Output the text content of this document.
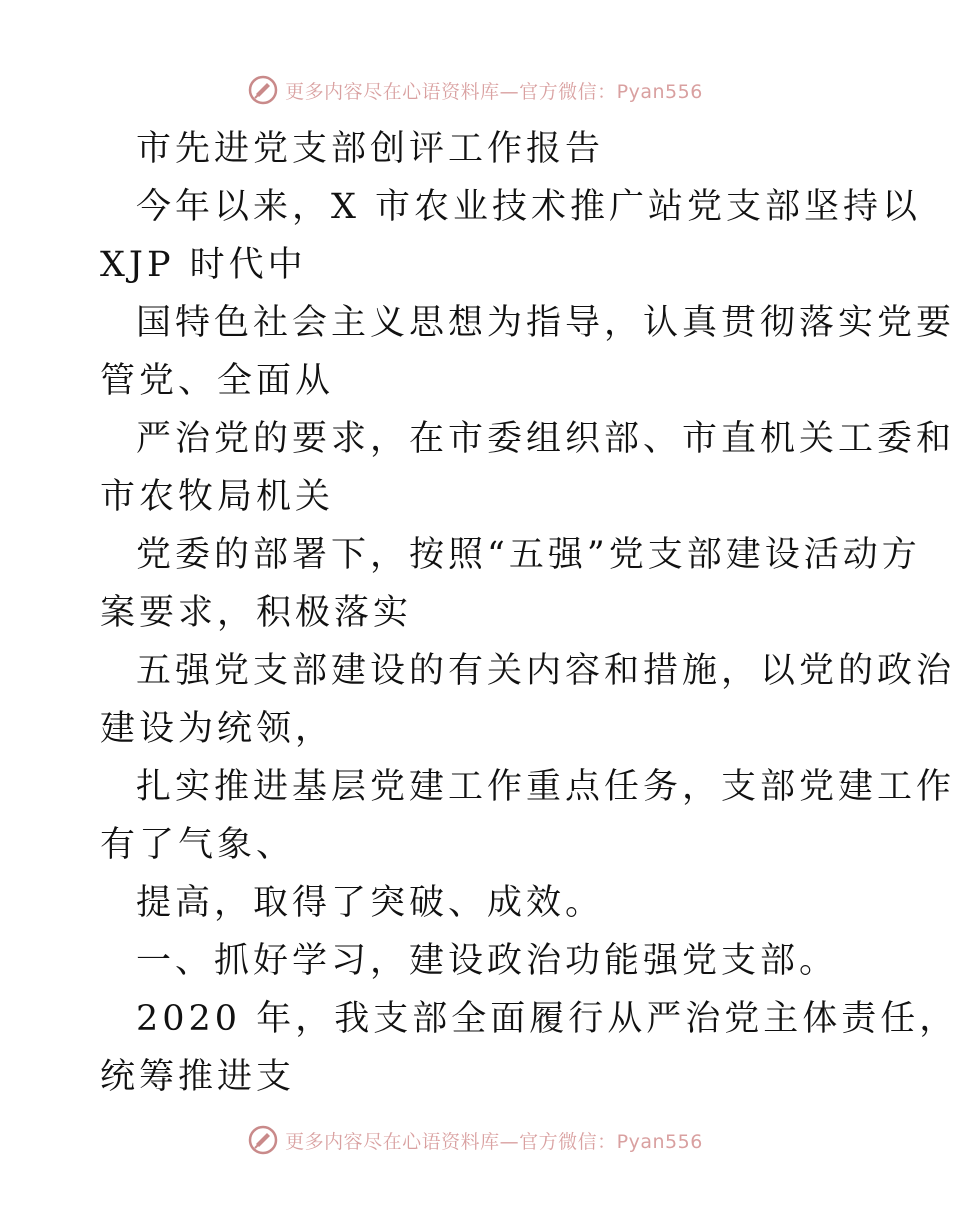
更多内容尽在心语资料库—官方微信：Pyan556
市先进党支部创评工作报告
今年以来，X 市农业技术推广站党支部坚持以
XJP 时代中
国特色社会主义思想为指导，认真贯彻落实党要
管党、全面从
严治党的要求，在市委组织部、市直机关工委和
市农牧局机关
党委的部署下，按照“五强”党支部建设活动方
案要求，积极落实
五强党支部建设的有关内容和措施，以党的政治
建设为统领，
扎实推进基层党建工作重点任务，支部党建工作
有了气象、
提高，取得了突破、成效。
一、抓好学习，建设政治功能强党支部。
2020 年，我支部全面履行从严治党主体责任，
统筹推进支
更多内容尽在心语资料库—官方微信：Pyan556
